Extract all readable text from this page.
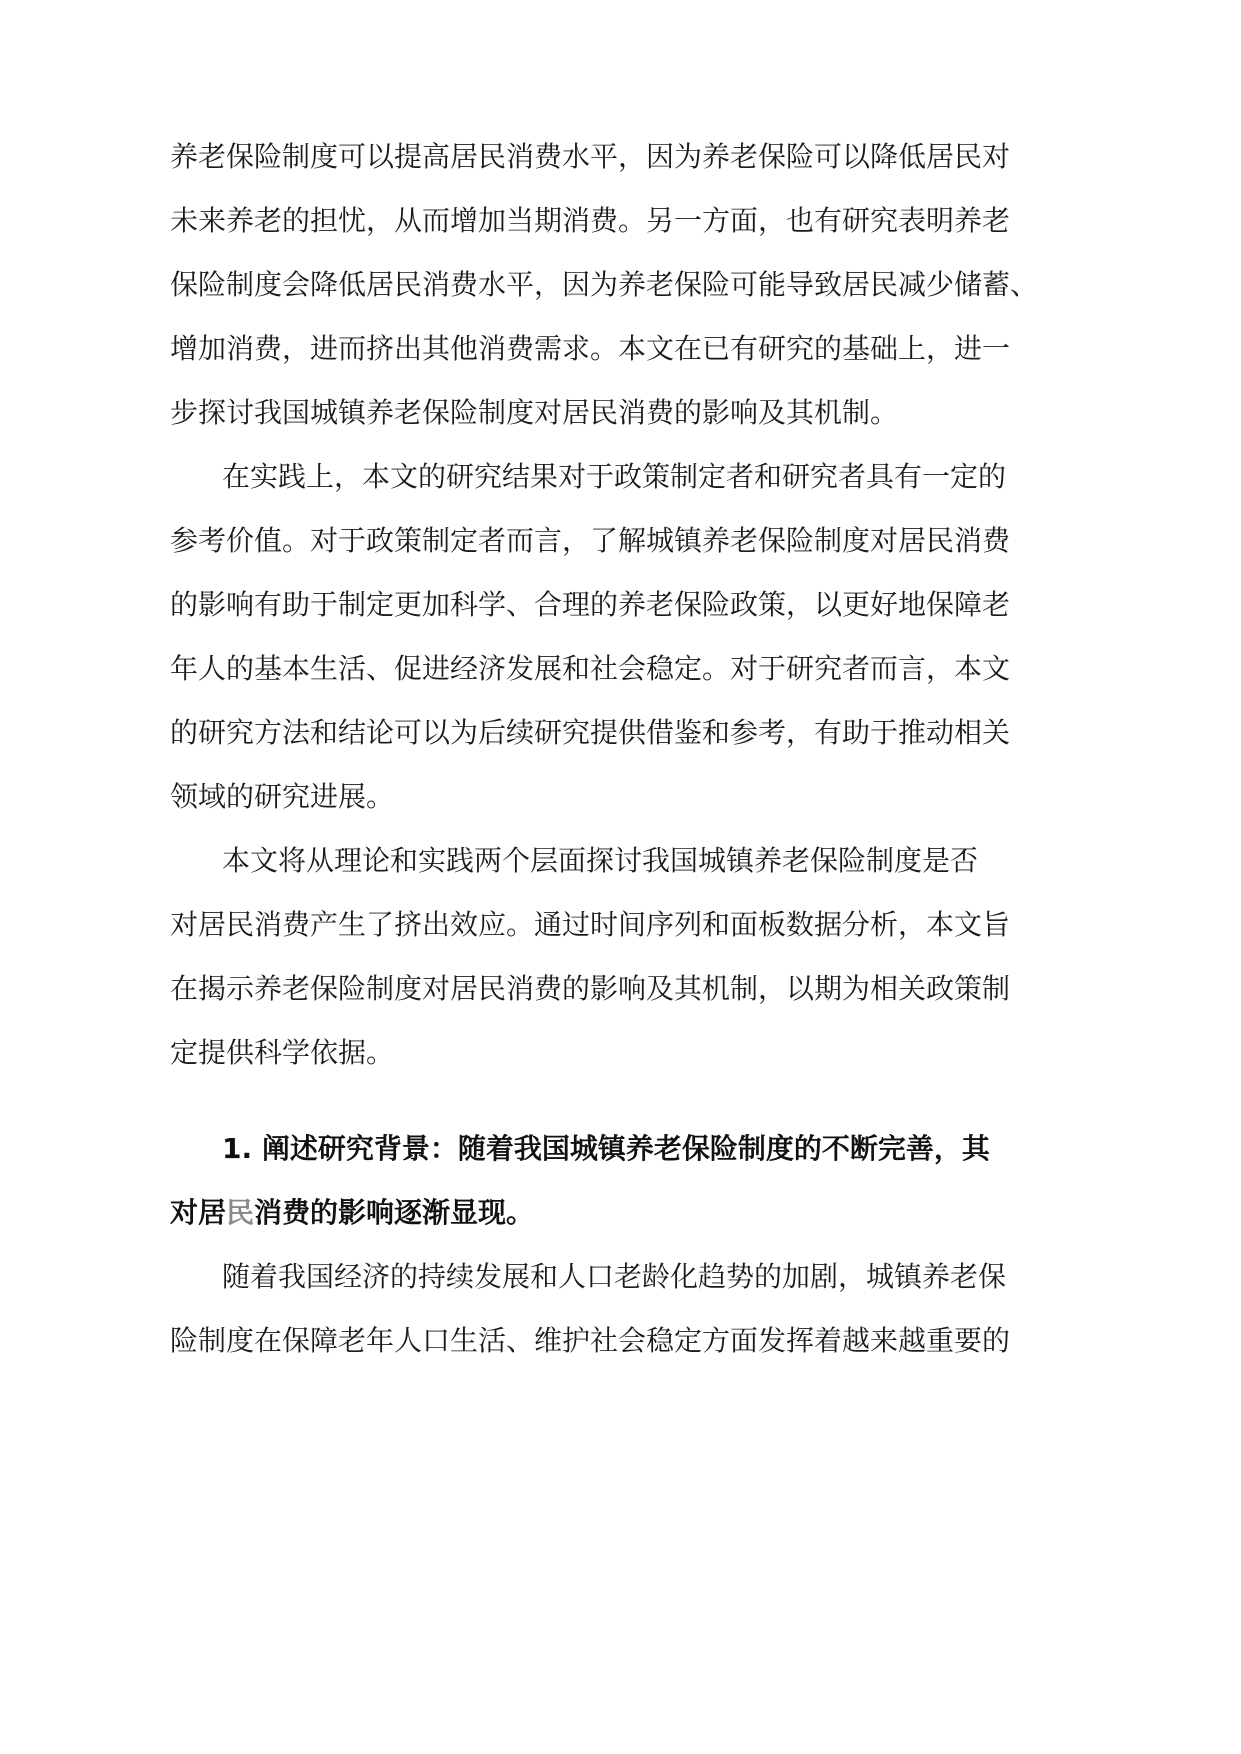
养老保险制度可以提高居民消费水平，因为养老保险可以降低居民对

未来养老的担忧，从而增加当期消费。另一方面，也有研究表明养老

保险制度会降低居民消费水平，因为养老保险可能导致居民减少储蓄、

增加消费，进而挤出其他消费需求。本文在已有研究的基础上，进一

步探讨我国城镇养老保险制度对居民消费的影响及其机制。

在实践上，本文的研究结果对于政策制定者和研究者具有一定的

参考价值。对于政策制定者而言，了解城镇养老保险制度对居民消费

的影响有助于制定更加科学、合理的养老保险政策，以更好地保障老

年人的基本生活、促进经济发展和社会稳定。对于研究者而言，本文

的研究方法和结论可以为后续研究提供借鉴和参考，有助于推动相关

领域的研究进展。

本文将从理论和实践两个层面探讨我国城镇养老保险制度是否

对居民消费产生了挤出效应。通过时间序列和面板数据分析，本文旨

在揭示养老保险制度对居民消费的影响及其机制，以期为相关政策制

定提供科学依据。

1. 阐述研究背景：随着我国城镇养老保险制度的不断完善，其

对居民消费的影响逐渐显现。

随着我国经济的持续发展和人口老龄化趋势的加剧，城镇养老保

险制度在保障老年人口生活、维护社会稳定方面发挥着越来越重要的
